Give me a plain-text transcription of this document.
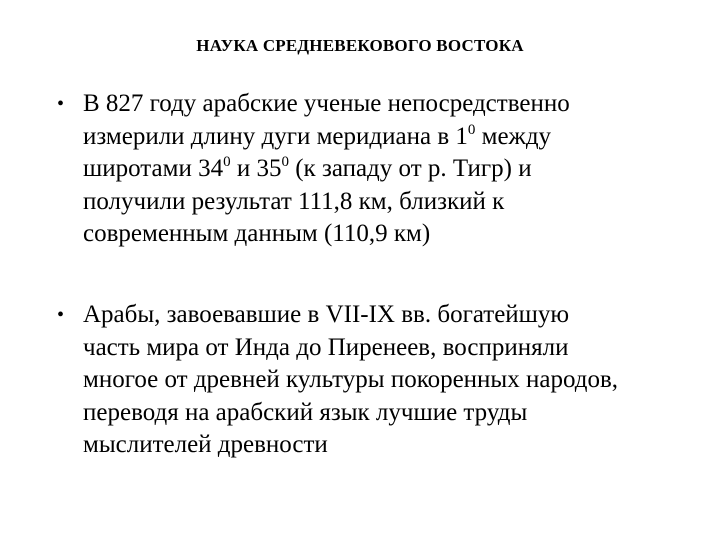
НАУКА СРЕДНЕВЕКОВОГО ВОСТОКА
• В 827 году арабские ученые непосредственно
измерили длину дуги меридиана в $1^0$ между
широтами $34^0$ и $35^0$ (к западу от р. Тигр) и
получили результат 111,8 км, близкий к
современным данным (110,9 км)
• Арабы, завоевавшие в VII-IX вв. богатейшую
часть мира от Инда до Пиренеев, восприняли
многое от древней культуры покоренных народов,
переводя на арабский язык лучшие труды
мыслителей древности
